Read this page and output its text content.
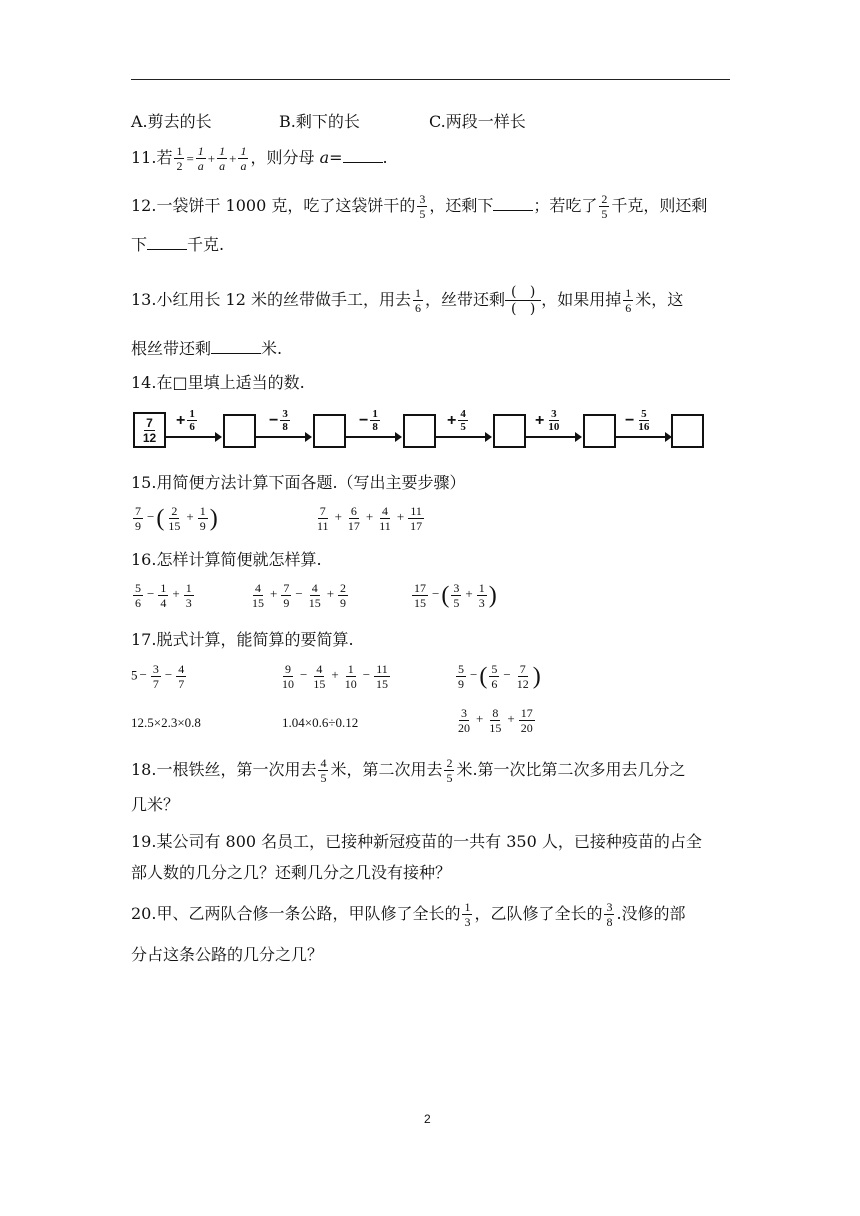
A.剪去的长	B.剩下的长	C.两段一样长
11.若 $\frac{1}{2} = \frac{1}{a} + \frac{1}{a} + \frac{1}{a}$ ，则分母 a=	.
12.一袋饼干 1000 克，吃了这袋饼干的 $\frac{3}{5}$ ，还剩下	；若吃了 $\frac{2}{5}$ 千克，则还剩
下	千克.
13.小红用长 12 米的丝带做手工，用去 $\frac{1}{6}$ ，丝带还剩 $\frac{( )}{( )}$ ，如果用掉 $\frac{1}{6}$ 米，这
根丝带还剩	米.
14.在□里填上适当的数.
7
12
+ $\frac{1}{6}$	− $\frac{3}{8}$	− $\frac{1}{8}$	+ $\frac{4}{5}$	+ $\frac{3}{10}$	− $\frac{5}{16}$
15.用简便方法计算下面各题.（写出主要步骤）
$\frac{7}{9}$ −( $\frac{2}{15} + \frac{1}{9}$ )	$\frac{7}{11} + \frac{6}{17} + \frac{4}{11} + \frac{11}{17}$
16.怎样计算简便就怎样算.
$\frac{5}{6} - \frac{1}{4} + \frac{1}{3}$	$\frac{4}{15} + \frac{7}{9} - \frac{4}{15} + \frac{2}{9}$	$\frac{17}{15}$ −( $\frac{3}{5} + \frac{1}{3}$ )
17.脱式计算，能简算的要简算.
$5 - \frac{3}{7} - \frac{4}{7}$	$\frac{9}{10} - \frac{4}{15} + \frac{1}{10} - \frac{11}{15}$	$\frac{5}{9}$ −( $\frac{5}{6} - \frac{7}{12}$ )
12.5×2.3×0.8	1.04×0.6÷0.12	$\frac{3}{20} + \frac{8}{15} + \frac{17}{20}$
18.一根铁丝，第一次用去 $\frac{4}{5}$ 米，第二次用去 $\frac{2}{5}$ 米.第一次比第二次多用去几分之
几米？
19.某公司有 800 名员工，已接种新冠疫苗的一共有 350 人，已接种疫苗的占全
部人数的几分之几？还剩几分之几没有接种？
20.甲、乙两队合修一条公路，甲队修了全长的 $\frac{1}{3}$ ，乙队修了全长的 $\frac{3}{8}$ .没修的部
分占这条公路的几分之几？
2
